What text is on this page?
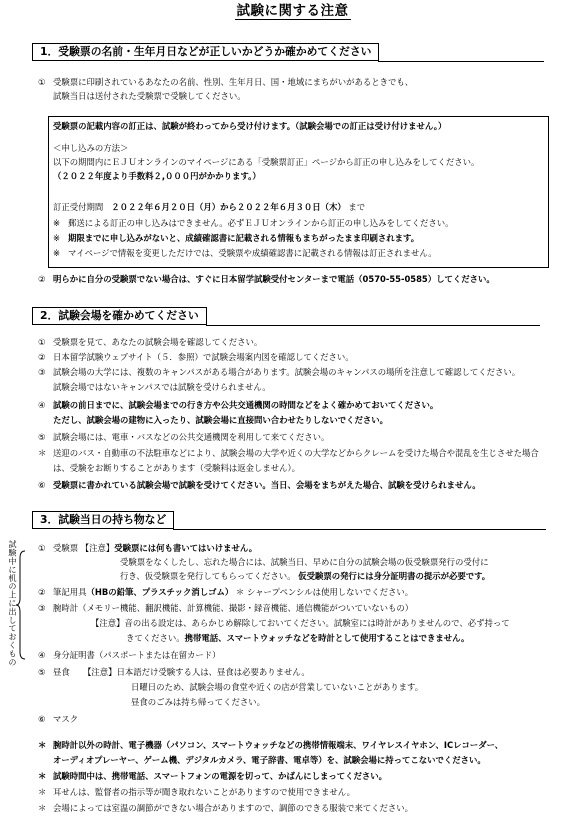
試験に関する注意
1．受験票の名前・生年月日などが正しいかどうか確かめてください
① 受験票に印刷されているあなたの名前、性別、生年月日、国・地域にまちがいがあるときでも、
試験当日は送付された受験票で受験してください。
受験票の記載内容の訂正は、試験が終わってから受け付けます。（試験会場での訂正は受け付けません。）
＜申し込みの方法＞
以下の期間内にＥＪＵオンラインのマイページにある「受験票訂正」ページから訂正の申し込みをしてください。
（２０２２年度より手数料２,０００円がかかります。）
訂正受付期間 ２０２２年６月２０日（月）から２０２２年６月３０日（木） まで
※ 郵送による訂正の申し込みはできません。必ずＥＪＵオンラインから訂正の申し込みをしてください。
※ 期限までに申し込みがないと、成績確認書に記載される情報もまちがったまま印刷されます。
※ マイページで情報を変更しただけでは、受験票や成績確認書に記載される情報は訂正されません。
② 明らかに自分の受験票でない場合は、すぐに日本留学試験受付センターまで電話（0570-55-0585）してください。
2．試験会場を確かめてください
① 受験票を見て、あなたの試験会場を確認してください。
② 日本留学試験ウェブサイト（５．参照）で試験会場案内図を確認してください。
③ 試験会場の大学には、複数のキャンパスがある場合があります。試験会場のキャンパスの場所を注意して確認してください。
試験会場ではないキャンパスでは試験を受けられません。
④ 試験の前日までに、試験会場までの行き方や公共交通機関の時間などをよく確かめておいてください。
ただし、試験会場の建物に入ったり、試験会場に直接問い合わせたりしないでください。
⑤ 試験会場には、電車・バスなどの公共交通機関を利用して来てください。
＊ 送迎のバス・自動車の不法駐車などにより、試験会場の大学や近くの大学などからクレームを受けた場合や混乱を生じさせた場合
は、受験をお断りすることがあります（受験料は返金しません）。
⑥ 受験票に書かれている試験会場で試験を受けてください。当日、会場をまちがえた場合、試験を受けられません。
3．試験当日の持ち物など
試験中に机の上に出しておくもの ① 受験票 【注意】受験票には何も書いてはいけません。
受験票をなくしたし、忘れた場合には、試験当日、早めに自分の試験会場の仮受験票発行の受付に
行き、仮受験票を発行してもらってください。 仮受験票の発行には身分証明書の提示が必要です。
② 筆記用具（HBの鉛筆、プラスチック消しゴム） ＊ シャープペンシルは使用しないでください。
③ 腕時計（メモリー機能、翻訳機能、計算機能、撮影・録音機能、通信機能がついていないもの）
【注意】音の出る設定は、あらかじめ解除しておいてください。試験室には時計がありませんので、必ず持って
きてください。携帯電話、スマートウォッチなどを時計として使用することはできません。
④ 身分証明書（パスポートまたは在留カード）
⑤ 昼食 【注意】日本語だけ受験する人は、昼食は必要ありません。
日曜日のため、試験会場の食堂や近くの店が営業していないことがあります。
昼食のごみは持ち帰ってください。
⑥ マスク
＊ 腕時計以外の時計、電子機器（パソコン、スマートウォッチなどの携帯情報端末、ワイヤレスイヤホン、ICレコーダー、
オーディオプレーヤー、ゲーム機、デジタルカメラ、電子辞書、電卓等）を、試験会場に持ってこないでください。
＊ 試験時間中は、携帯電話、スマートフォンの電源を切って、かばんにしまってください。
＊ 耳せんは、監督者の指示等が聞き取れないことがありますので使用できません。
＊ 会場によっては室温の調節ができない場合がありますので、調節のできる服装で来てください。
